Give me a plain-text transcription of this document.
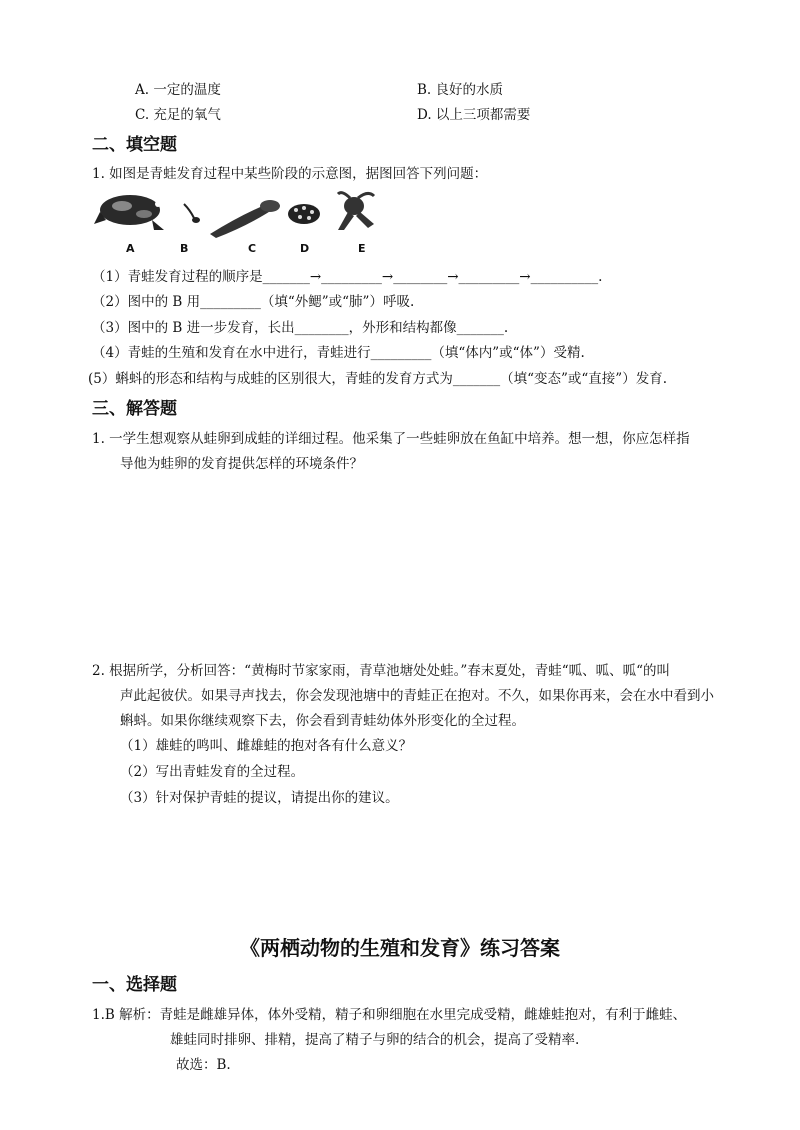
A. 一定的温度	B. 良好的水质
C. 充足的氧气	D. 以上三项都需要
二、填空题
1. 如图是青蛙发育过程中某些阶段的示意图，据图回答下列问题：
A	B	C	D	E
（1）青蛙发育过程的顺序是_______→_________→________→_________→__________.
（2）图中的 B 用_________（填“外鳃”或“肺”）呼吸.
（3）图中的 B 进一步发育，长出________，外形和结构都像_______.
（4）青蛙的生殖和发育在水中进行，青蛙进行_________（填“体内”或“体”）受精.
(5）蝌蚪的形态和结构与成蛙的区别很大，青蛙的发育方式为_______（填“变态”或“直接”）发育.
三、解答题
1. 一学生想观察从蛙卵到成蛙的详细过程。他采集了一些蛙卵放在鱼缸中培养。想一想，你应怎样指
导他为蛙卵的发育提供怎样的环境条件？
2. 根据所学，分析回答：“黄梅时节家家雨，青草池塘处处蛙。”春末夏处，青蛙“呱、呱、呱“的叫
声此起彼伏。如果寻声找去，你会发现池塘中的青蛙正在抱对。不久，如果你再来，会在水中看到小
蝌蚪。如果你继续观察下去，你会看到青蛙幼体外形变化的全过程。
（1）雄蛙的鸣叫、雌雄蛙的抱对各有什么意义？
（2）写出青蛙发育的全过程。
（3）针对保护青蛙的提议，请提出你的建议。
《两栖动物的生殖和发育》练习答案
一、选择题
1.B 解析：青蛙是雌雄异体，体外受精，精子和卵细胞在水里完成受精，雌雄蛙抱对，有利于雌蛙、
雄蛙同时排卵、排精，提高了精子与卵的结合的机会，提高了受精率.
故选：B.
